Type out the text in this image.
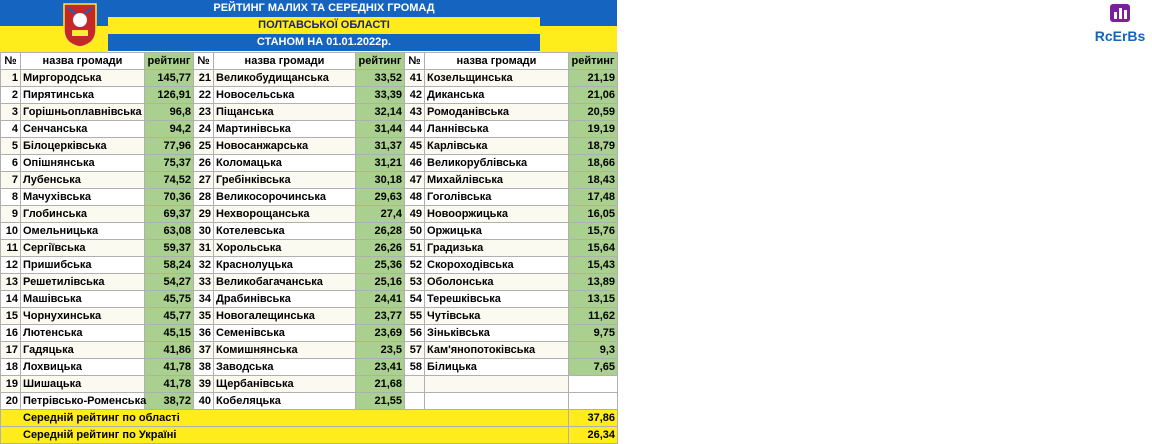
РЕЙТИНГ МАЛИХ ТА СЕРЕДНІХ ГРОМАД
ПОЛТАВСЬКОЇ ОБЛАСТІ
СТАНОМ НА 01.01.2022р.	RcErBs
№	назва громади	рейтинг	№	назва громади	рейтинг	№	назва громади	рейтинг
1	Миргородська	145,77	21	Великобудищанська	33,52	41	Козельщинська	21,19
2	Пирятинська	126,91	22	Новосельська	33,39	42	Диканська	21,06
3	Горішньоплавнівська	96,8	23	Піщанська	32,14	43	Ромоданівська	20,59
4	Сенчанська	94,2	24	Мартинівська	31,44	44	Ланнівська	19,19
5	Білоцерківська	77,96	25	Новосанжарська	31,37	45	Карлівська	18,79
6	Опішнянська	75,37	26	Коломацька	31,21	46	Великорублівська	18,66
7	Лубенська	74,52	27	Гребінківська	30,18	47	Михайлівська	18,43
8	Мачухівська	70,36	28	Великосорочинська	29,63	48	Гоголівська	17,48
9	Глобинська	69,37	29	Нехворощанська	27,4	49	Новооржицька	16,05
10	Омельницька	63,08	30	Котелевська	26,28	50	Оржицька	15,76
11	Сергіївська	59,37	31	Хорольська	26,26	51	Градизька	15,64
12	Пришибська	58,24	32	Краснолуцька	25,36	52	Скороходівська	15,43
13	Решетилівська	54,27	33	Великобагачанська	25,16	53	Оболонська	13,89
14	Машівська	45,75	34	Драбинівська	24,41	54	Терешківська	13,15
15	Чорнухинська	45,77	35	Новогалещинська	23,77	55	Чутівська	11,62
16	Лютенська	45,15	36	Семенівська	23,69	56	Зіньківська	9,75
17	Гадяцька	41,86	37	Комишнянська	23,5	57	Кам'янопотоківська	9,3
18	Лохвицька	41,78	38	Заводська	23,41	58	Білицька	7,65
19	Шишацька	41,78	39	Щербанівська	21,68			
20	Петрівсько-Роменська	38,72	40	Кобеляцька	21,55			
Середній рейтинг по області								37,86
Середній рейтинг по Україні								26,34
